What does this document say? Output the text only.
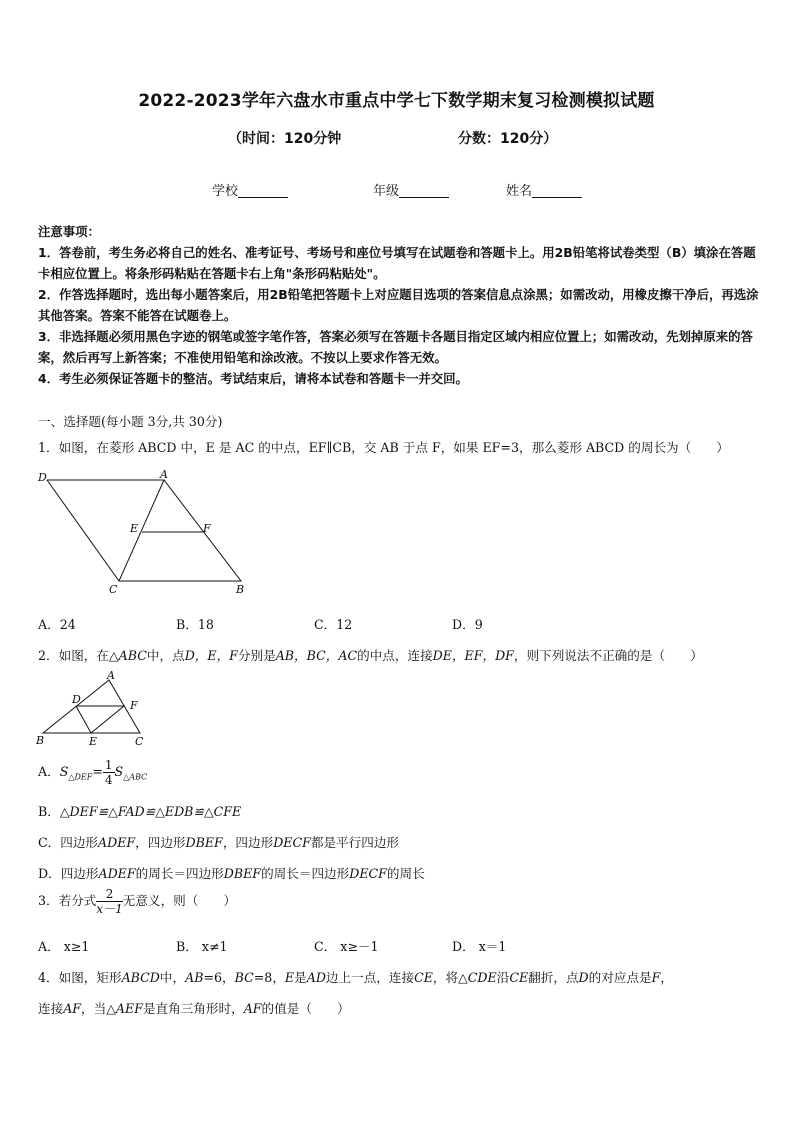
2022-2023学年六盘水市重点中学七下数学期末复习检测模拟试题
（时间：120分钟	分数：120分）
学校	年级	姓名
注意事项：
1．答卷前，考生务必将自己的姓名、准考证号、考场号和座位号填写在试题卷和答题卡上。用2B铅笔将试卷类型（B）填涂在答题卡相应位置上。将条形码粘贴在答题卡右上角"条形码粘贴处"。
2．作答选择题时，选出每小题答案后，用2B铅笔把答题卡上对应题目选项的答案信息点涂黑；如需改动，用橡皮擦干净后，再选涂其他答案。答案不能答在试题卷上。
3．非选择题必须用黑色字迹的钢笔或签字笔作答，答案必须写在答题卡各题目指定区域内相应位置上；如需改动，先划掉原来的答案，然后再写上新答案；不准使用铅笔和涂改液。不按以上要求作答无效。
4．考生必须保证答题卡的整洁。考试结束后，请将本试卷和答题卡一并交回。
一、选择题(每小题 3分,共 30分)
1．如图，在菱形 ABCD 中，E 是 AC 的中点，EF∥CB，交 AB 于点 F，如果 EF=3，那么菱形 ABCD 的周长为（　　）
D	A
E	F
C	B
A．24	B．18	C．12	D．9
2．如图，在△ABC中，点D，E，F分别是AB，BC，AC的中点，连接DE，EF，DF，则下列说法不正确的是（　　）
A
D	F
B	E	C
A．$S_{\triangle DEF}= \frac{1}{4} S_{\triangle ABC}$
B．△DEF≌△FAD≌△EDB≌△CFE
C．四边形ADEF，四边形DBEF，四边形DECF都是平行四边形
D．四边形ADEF的周长＝四边形DBEF的周长＝四边形DECF的周长
3．若分式 $\frac{2}{x-1}$无意义，则（　　）
A． x≥1	B． x≠1	C． x≥－1	D． x＝1
4．如图，矩形ABCD中，AB=6，BC=8，E是AD边上一点，连接CE，将△CDE沿CE翻折，点D的对应点是F，
连接AF，当△AEF是直角三角形时，AF的值是（　　）
